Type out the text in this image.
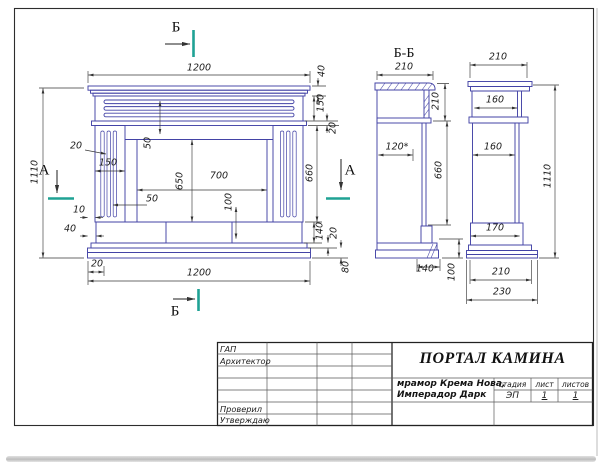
1200	40
150
20
660
140 20
80
1110
20
150
50
50
10
40
650	700
100
20
1200
Б-Б
210
210
120*
660
140 100
210
160
160
1110
170
210
230
Б
Б
А	А
ПОРТАЛ КАМИНА
мрамор Крема Нова,
Имперадор Дарк
ГАП
Архитектор
Проверил
Утверждаю
стадия	лист	листов
ЭП	1	1
